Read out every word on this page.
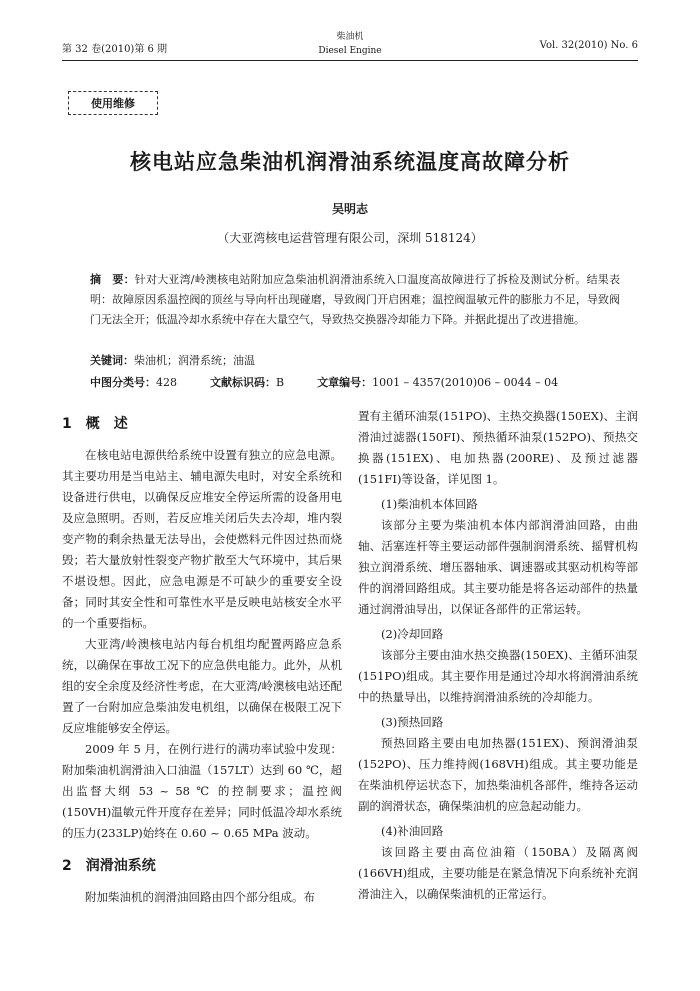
第 32 卷(2010)第 6 期
柴油机
Diesel Engine	Vol. 32(2010) No. 6
使用维修
核电站应急柴油机润滑油系统温度高故障分析
吴明志
（大亚湾核电运营管理有限公司，深圳 518124）
摘　要：针对大亚湾/岭澳核电站附加应急柴油机润滑油系统入口温度高故障进行了拆检及测试分析。结果表明：故障原因系温控阀的顶丝与导向杆出现碰磨，导致阀门开启困难；温控阀温敏元件的膨胀力不足，导致阀门无法全开；低温冷却水系统中存在大量空气，导致热交换器冷却能力下降。并据此提出了改进措施。
关键词：柴油机；润滑系统；油温
中图分类号：428	文献标识码：B	文章编号：1001 – 4357(2010)06 – 0044 – 04
1　概　述

在核电站电源供给系统中设置有独立的应急电源。其主要功用是当电站主、辅电源失电时，对安全系统和设备进行供电，以确保反应堆安全停运所需的设备用电及应急照明。否则，若反应堆关闭后失去冷却，堆内裂变产物的剩余热量无法导出，会使燃料元件因过热而烧毁；若大量放射性裂变产物扩散至大气环境中，其后果不堪设想。因此，应急电源是不可缺少的重要安全设备；同时其安全性和可靠性水平是反映电站核安全水平的一个重要指标。

大亚湾/岭澳核电站内每台机组均配置两路应急系统，以确保在事故工况下的应急供电能力。此外，从机组的安全余度及经济性考虑，在大亚湾/岭澳核电站还配置了一台附加应急柴油发电机组，以确保在极限工况下反应堆能够安全停运。

2009 年 5 月，在例行进行的满功率试验中发现：附加柴油机润滑油入口油温（157LT）达到 60 ℃，超出监督大纲 53 ~ 58 ℃ 的控制要求；温控阀(150VH)温敏元件开度存在差异；同时低温冷却水系统的压力(233LP)始终在 0.60 ~ 0.65 MPa 波动。

2　润滑油系统

附加柴油机的润滑油回路由四个部分组成。布

置有主循环油泵(151PO)、主热交换器(150EX)、主润滑油过滤器(150FI)、预热循环油泵(152PO)、预热交换器(151EX)、电加热器(200RE)、及预过滤器(151FI)等设备，详见图 1。

(1)柴油机本体回路

该部分主要为柴油机本体内部润滑油回路，由曲轴、活塞连杆等主要运动部件强制润滑系统、摇臂机构独立润滑系统、增压器轴承、调速器或其驱动机构等部件的润滑回路组成。其主要功能是将各运动部件的热量通过润滑油导出，以保证各部件的正常运转。

(2)冷却回路

该部分主要由油水热交换器(150EX)、主循环油泵(151PO)组成。其主要作用是通过冷却水将润滑油系统中的热量导出，以维持润滑油系统的冷却能力。

(3)预热回路

预热回路主要由电加热器(151EX)、预润滑油泵(152PO)、压力维持阀(168VH)组成。其主要功能是在柴油机停运状态下，加热柴油机各部件，维持各运动副的润滑状态，确保柴油机的应急起动能力。

(4)补油回路

该回路主要由高位油箱（150BA）及隔离阀(166VH)组成，主要功能是在紧急情况下向系统补充润滑油注入，以确保柴油机的正常运行。
